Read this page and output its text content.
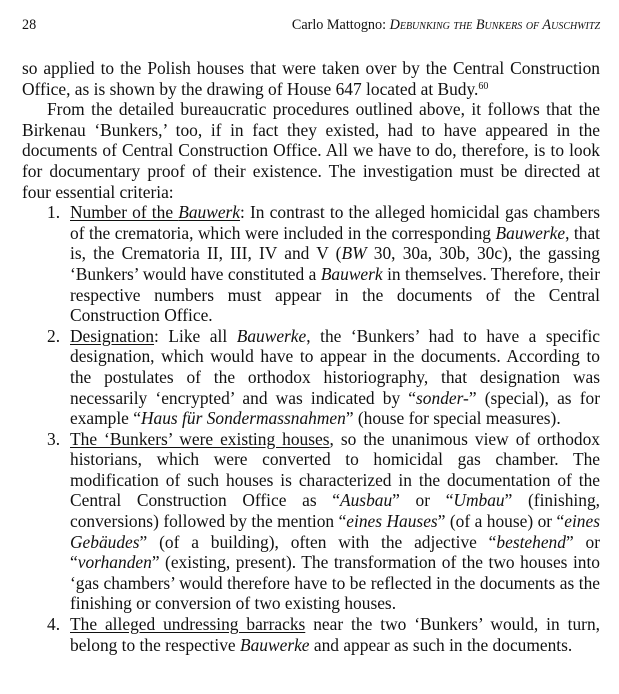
28	Carlo Mattogno: Debunking the Bunkers of Auschwitz

so applied to the Polish houses that were taken over by the Central Construction Office, as is shown by the drawing of House 647 located at Budy.$^{60}$

From the detailed bureaucratic procedures outlined above, it follows that the Birkenau ‘Bunkers,’ too, if in fact they existed, had to have appeared in the documents of Central Construction Office. All we have to do, therefore, is to look for documentary proof of their existence. The investigation must be directed at four essential criteria:

1. Number of the Bauwerk: In contrast to the alleged homicidal gas chambers of the crematoria, which were included in the corresponding Bauwerke, that is, the Crematoria II, III, IV and V (BW 30, 30a, 30b, 30c), the gassing ‘Bunkers’ would have constituted a Bauwerk in themselves. Therefore, their respective numbers must appear in the documents of the Central Construction Office.
2. Designation: Like all Bauwerke, the ‘Bunkers’ had to have a specific designation, which would have to appear in the documents. According to the postulates of the orthodox historiography, that designation was necessarily ‘encrypted’ and was indicated by “sonder-” (special), as for example “Haus für Sondermassnahmen” (house for special measures).
3. The ‘Bunkers’ were existing houses, so the unanimous view of orthodox historians, which were converted to homicidal gas chamber. The modification of such houses is characterized in the documentation of the Central Construction Office as “Ausbau” or “Umbau” (finishing, conversions) followed by the mention “eines Hauses” (of a house) or “eines Gebäudes” (of a building), often with the adjective “bestehend” or “vorhanden” (existing, present). The transformation of the two houses into ‘gas chambers’ would therefore have to be reflected in the documents as the finishing or conversion of two existing houses.
4. The alleged undressing barracks near the two ‘Bunkers’ would, in turn, belong to the respective Bauwerke and appear as such in the documents.
